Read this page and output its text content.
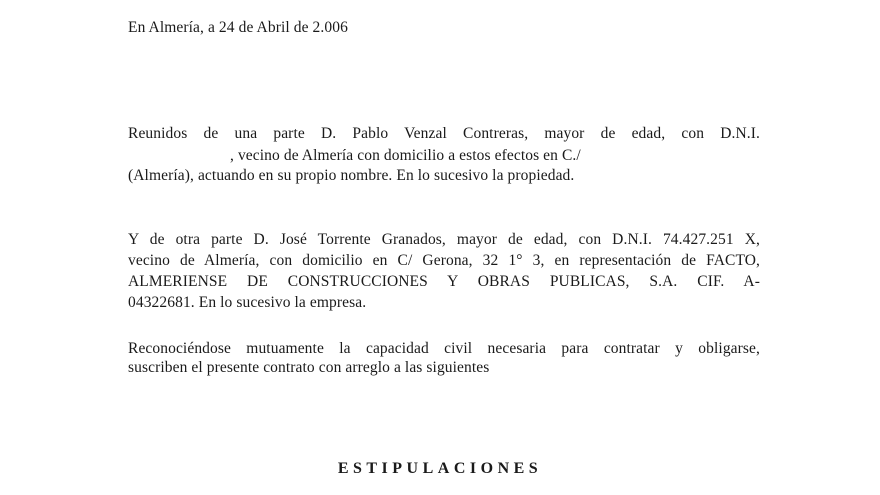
En Almería, a 24 de Abril de 2.006
Reunidos de una parte D. Pablo Venzal Contreras, mayor de edad, con D.N.I.
, vecino de Almería con domicilio a estos efectos en C./
(Almería), actuando en su propio nombre. En lo sucesivo la propiedad.
Y de otra parte D. José Torrente Granados, mayor de edad, con D.N.I. 74.427.251 X,
vecino de Almería, con domicilio en C/ Gerona, 32 1° 3, en representación de FACTO,
ALMERIENSE DE CONSTRUCCIONES Y OBRAS PUBLICAS, S.A. CIF. A-
04322681. En lo sucesivo la empresa.
Reconociéndose mutuamente la capacidad civil necesaria para contratar y obligarse,
suscriben el presente contrato con arreglo a las siguientes
ESTIPULACIONES
